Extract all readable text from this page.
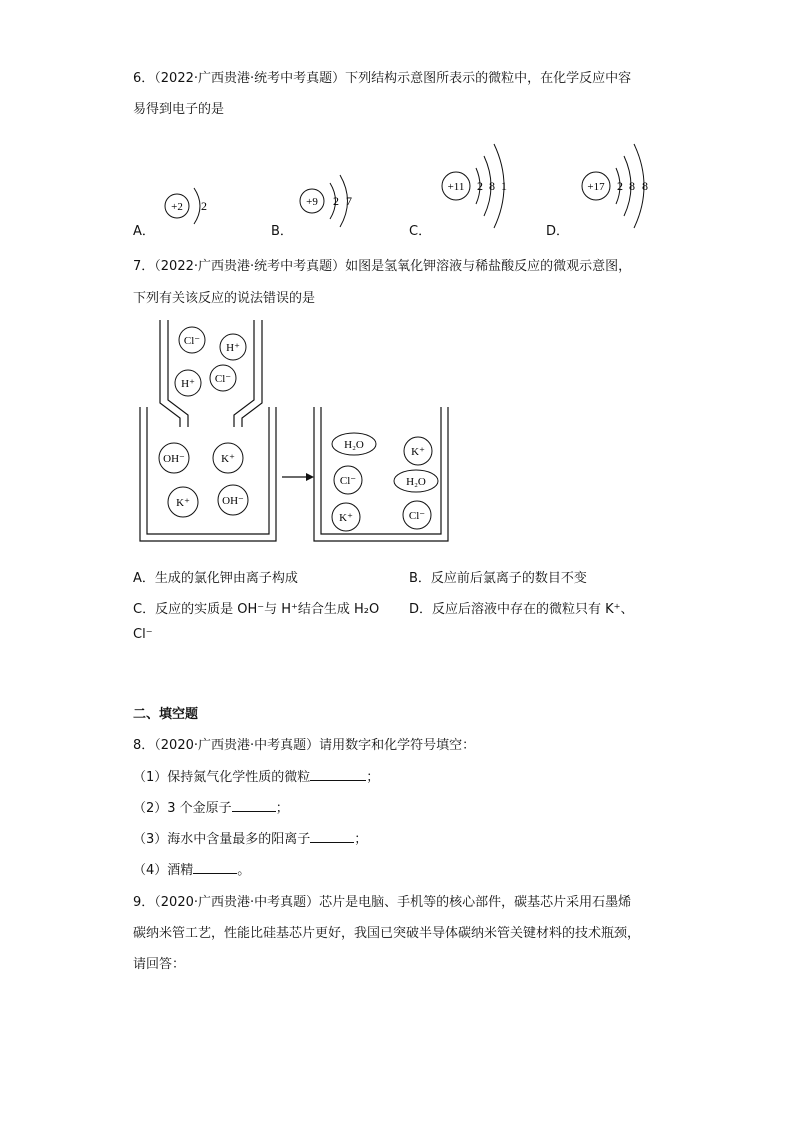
6．（2022·广西贵港·统考中考真题）下列结构示意图所表示的微粒中，在化学反应中容
易得到电子的是
A．	B．	C．	D．
+2 2	+9 2 7
+11 2 8 1	+17 2 8 8
7．（2022·广西贵港·统考中考真题）如图是氢氧化钾溶液与稀盐酸反应的微观示意图，
下列有关该反应的说法错误的是
Cl⁻
H⁺
Cl⁻
H⁺
OH⁻	K⁺
K⁺	OH⁻
H₂O
K⁺
Cl⁻	H₂O
K⁺	Cl⁻
A．生成的氯化钾由离子构成	B．反应前后氯离子的数目不变
C．反应的实质是 OH⁻与 H⁺结合生成 H₂O D．反应后溶液中存在的微粒只有 K⁺、
Cl⁻
二、填空题
8．（2020·广西贵港·中考真题）请用数字和化学符号填空：
（1）保持氮气化学性质的微粒	；
（2）3 个金原子	；
（3）海水中含量最多的阳离子	；
（4）酒精	。
9．（2020·广西贵港·中考真题）芯片是电脑、手机等的核心部件，碳基芯片采用石墨烯
碳纳米管工艺，性能比硅基芯片更好，我国已突破半导体碳纳米管关键材料的技术瓶颈，
请回答：
